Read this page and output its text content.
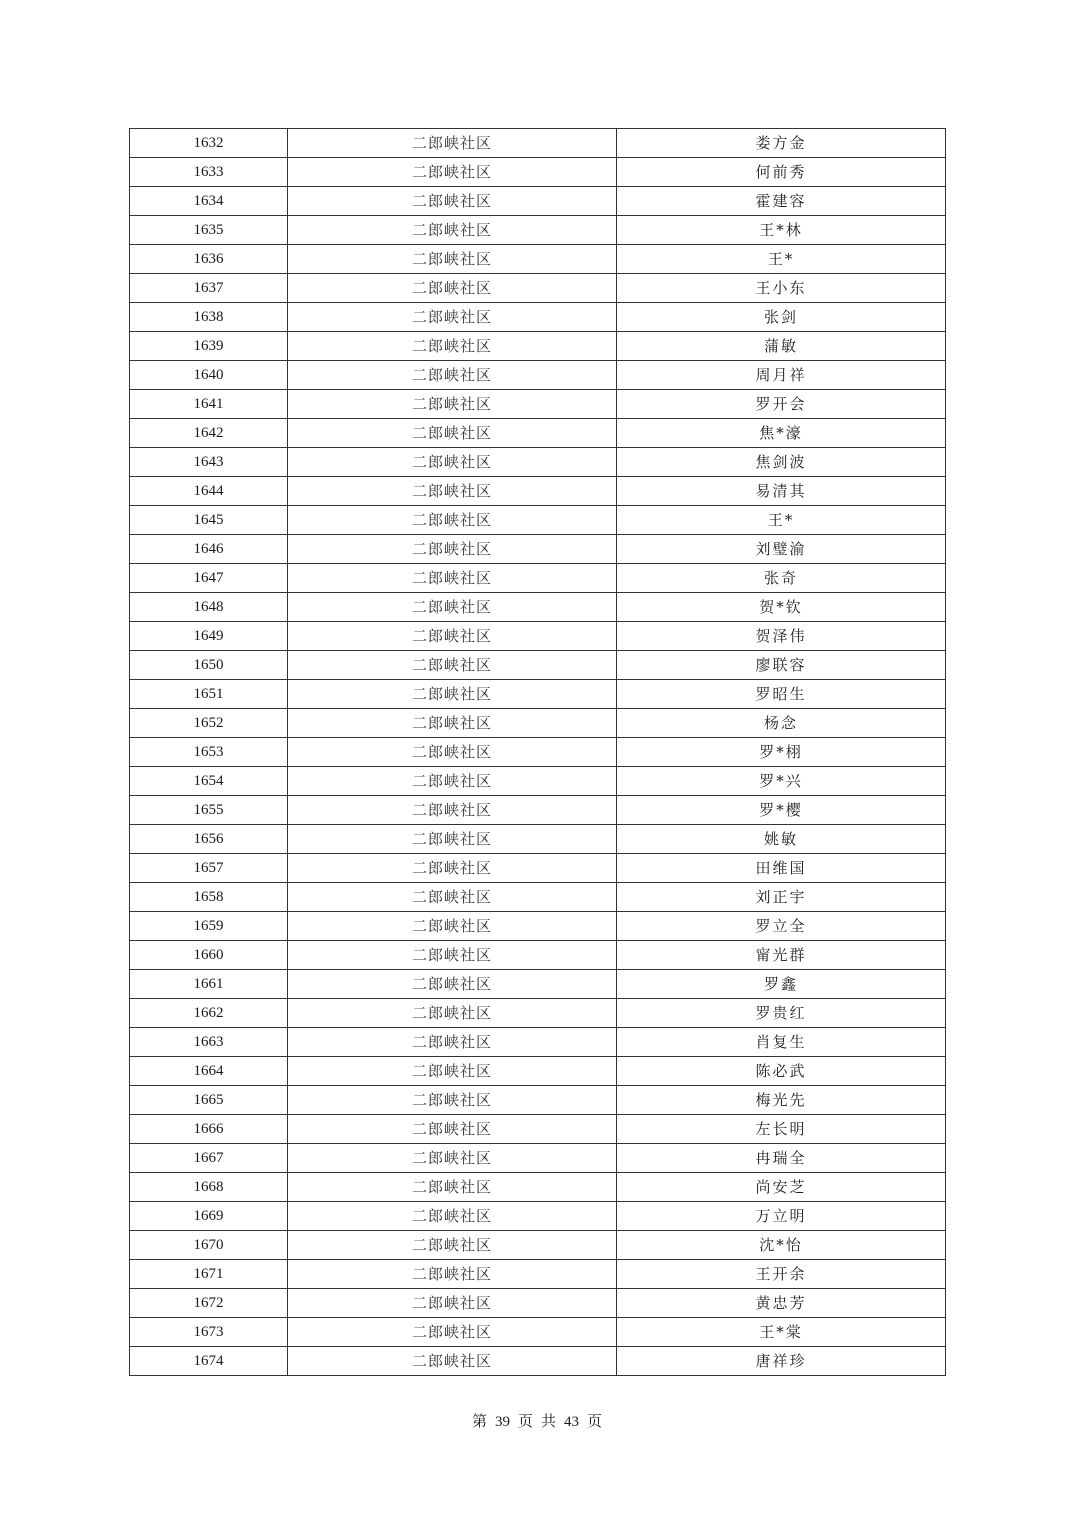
1632	二郎峡社区	娄方金
1633	二郎峡社区	何前秀
1634	二郎峡社区	霍建容
1635	二郎峡社区	王*林
1636	二郎峡社区	王*
1637	二郎峡社区	王小东
1638	二郎峡社区	张剑
1639	二郎峡社区	蒲敏
1640	二郎峡社区	周月祥
1641	二郎峡社区	罗开会
1642	二郎峡社区	焦*濠
1643	二郎峡社区	焦剑波
1644	二郎峡社区	易清其
1645	二郎峡社区	王*
1646	二郎峡社区	刘璧渝
1647	二郎峡社区	张奇
1648	二郎峡社区	贺*钦
1649	二郎峡社区	贺泽伟
1650	二郎峡社区	廖联容
1651	二郎峡社区	罗昭生
1652	二郎峡社区	杨念
1653	二郎峡社区	罗*栩
1654	二郎峡社区	罗*兴
1655	二郎峡社区	罗*樱
1656	二郎峡社区	姚敏
1657	二郎峡社区	田维国
1658	二郎峡社区	刘正宇
1659	二郎峡社区	罗立全
1660	二郎峡社区	甯光群
1661	二郎峡社区	罗鑫
1662	二郎峡社区	罗贵红
1663	二郎峡社区	肖复生
1664	二郎峡社区	陈必武
1665	二郎峡社区	梅光先
1666	二郎峡社区	左长明
1667	二郎峡社区	冉瑞全
1668	二郎峡社区	尚安芝
1669	二郎峡社区	万立明
1670	二郎峡社区	沈*怡
1671	二郎峡社区	王开余
1672	二郎峡社区	黄忠芳
1673	二郎峡社区	王*棠
1674	二郎峡社区	唐祥珍
第 39 页 共 43 页
